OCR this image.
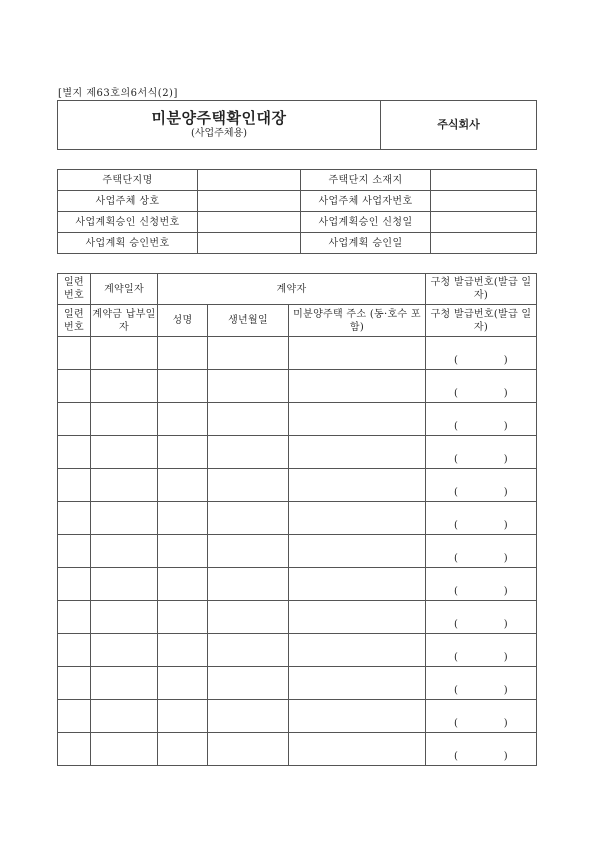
[별지 제63호의6서식(2)]
미분양주택확인대장
(사업주체용)
	주식회사
주택단지명		주택단지 소재지	
사업주체 상호		사업주체 사업자번호	
사업계획승인 신청번호		사업계획승인 신청일	
사업계획 승인번호		사업계획 승인일	
일련 번호	계약일자	계약자			구청 발급번호(발급 일자)
일련 번호	계약금 납부일자	성명	생년월일	미분양주택 주소 (동·호수 포함)	구청 발급번호(발급 일자)
					( )

					( )

					( )

					( )

					( )

					( )

					( )

					( )

					( )

					( )

					( )

					( )

					( )
